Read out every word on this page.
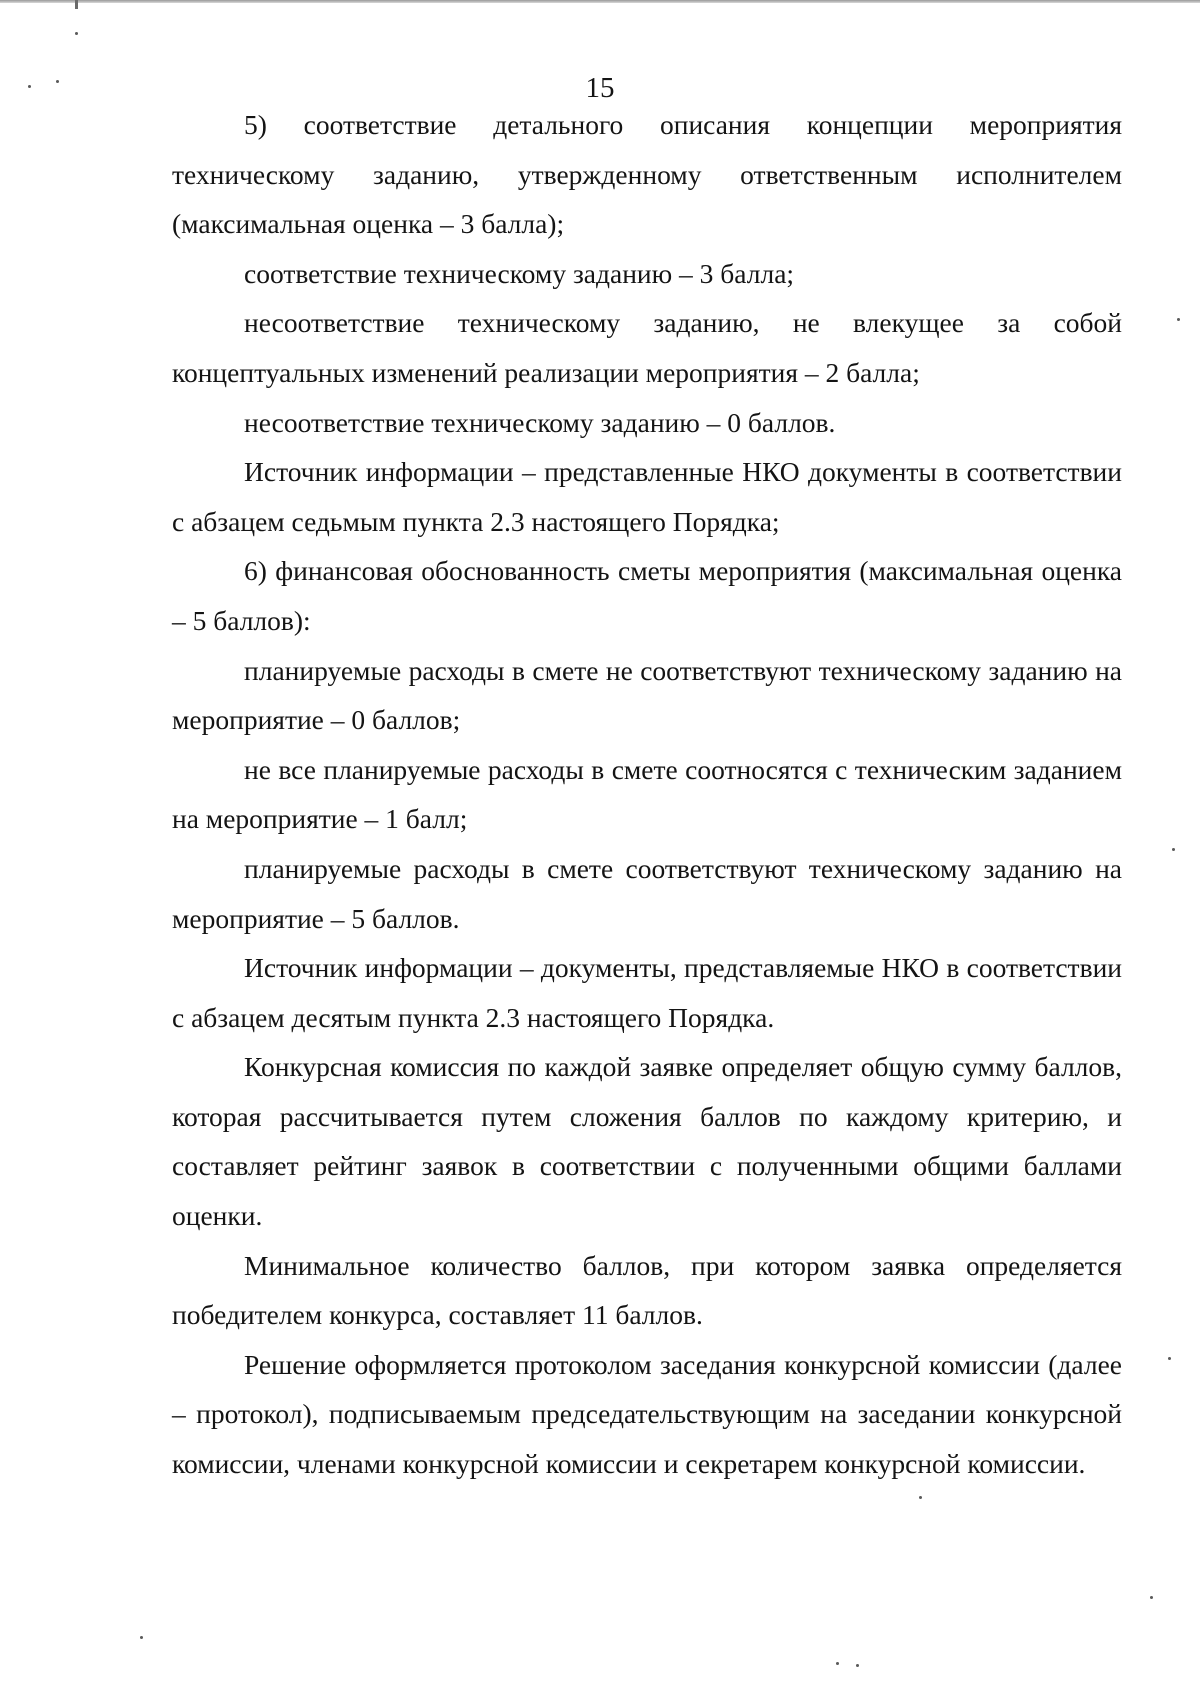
15

5) соответствие детального описания концепции мероприятия техническому заданию, утвержденному ответственным исполнителем (максимальная оценка – 3 балла);

соответствие техническому заданию – 3 балла;

несоответствие техническому заданию, не влекущее за собой концептуальных изменений реализации мероприятия – 2 балла;

несоответствие техническому заданию – 0 баллов.

Источник информации – представленные НКО документы в соответствии с абзацем седьмым пункта 2.3 настоящего Порядка;

6) финансовая обоснованность сметы мероприятия (максимальная оценка – 5 баллов):

планируемые расходы в смете не соответствуют техническому заданию на мероприятие – 0 баллов;

не все планируемые расходы в смете соотносятся с техническим заданием на мероприятие – 1 балл;

планируемые расходы в смете соответствуют техническому заданию на мероприятие – 5 баллов.

Источник информации – документы, представляемые НКО в соответствии с абзацем десятым пункта 2.3 настоящего Порядка.

Конкурсная комиссия по каждой заявке определяет общую сумму баллов, которая рассчитывается путем сложения баллов по каждому критерию, и составляет рейтинг заявок в соответствии с полученными общими баллами оценки.

Минимальное количество баллов, при котором заявка определяется победителем конкурса, составляет 11 баллов.

Решение оформляется протоколом заседания конкурсной комиссии (далее – протокол), подписываемым председательствующим на заседании конкурсной комиссии, членами конкурсной комиссии и секретарем конкурсной комиссии.
